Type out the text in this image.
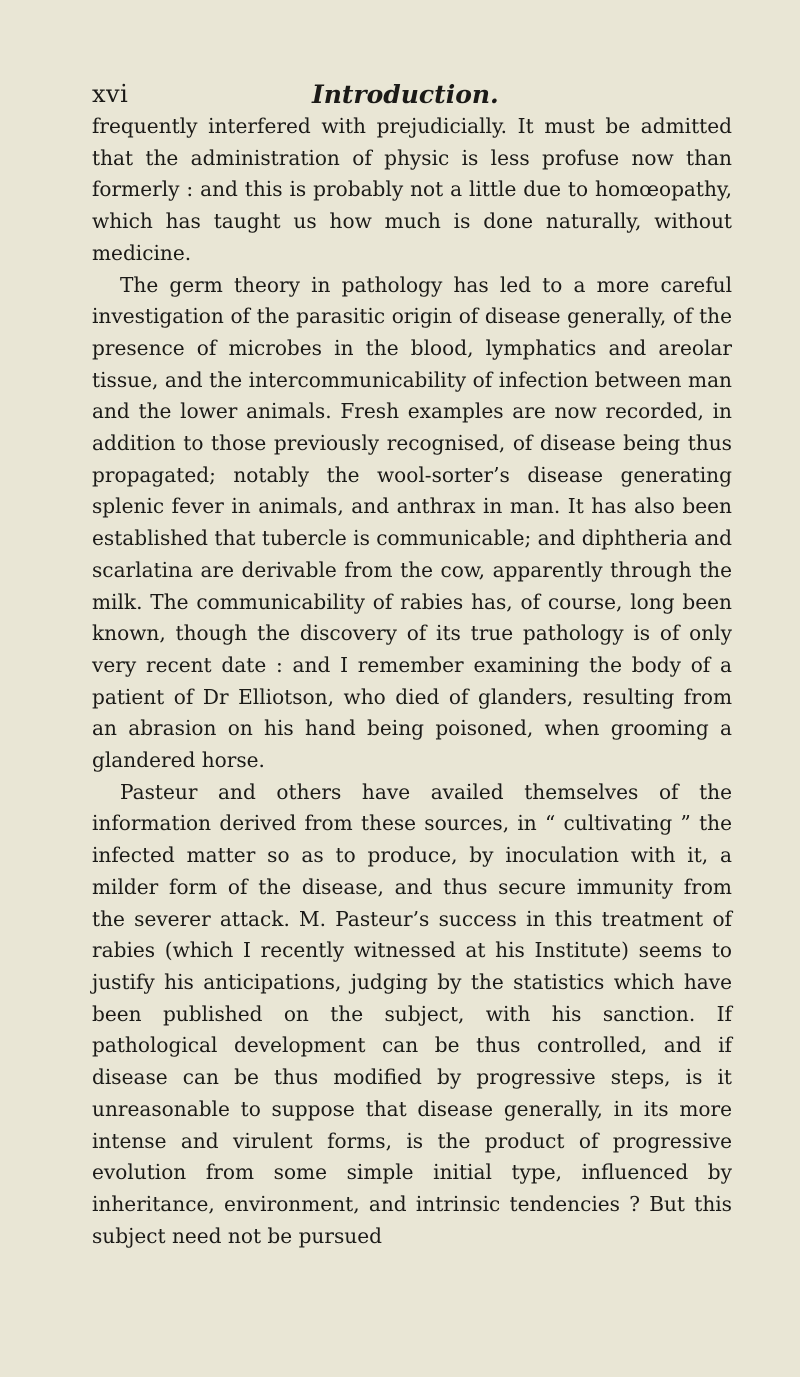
xvi	Introduction.

frequently interfered with prejudicially. It must be admitted that the administration of physic is less profuse now than formerly : and this is probably not a little due to homœopathy, which has taught us how much is done naturally, without medicine.

The germ theory in pathology has led to a more careful investigation of the parasitic origin of disease generally, of the presence of microbes in the blood, lymphatics and areolar tissue, and the intercommunicability of infection between man and the lower animals. Fresh examples are now recorded, in addition to those previously recognised, of disease being thus propagated; notably the wool-sorter’s disease generating splenic fever in animals, and anthrax in man. It has also been established that tubercle is communicable; and diphtheria and scarlatina are derivable from the cow, apparently through the milk. The communicability of rabies has, of course, long been known, though the discovery of its true pathology is of only very recent date : and I remember examining the body of a patient of Dr Elliotson, who died of glanders, resulting from an abrasion on his hand being poisoned, when grooming a glandered horse.

Pasteur and others have availed themselves of the information derived from these sources, in “ cultivating ” the infected matter so as to produce, by inoculation with it, a milder form of the disease, and thus secure immunity from the severer attack. M. Pasteur’s success in this treatment of rabies (which I recently witnessed at his Institute) seems to justify his anticipations, judging by the statistics which have been published on the subject, with his sanction. If pathological development can be thus controlled, and if disease can be thus modified by progressive steps, is it unreasonable to suppose that disease generally, in its more intense and virulent forms, is the product of progressive evolution from some simple initial type, influenced by inheritance, environment, and intrinsic tendencies ? But this subject need not be pursued
